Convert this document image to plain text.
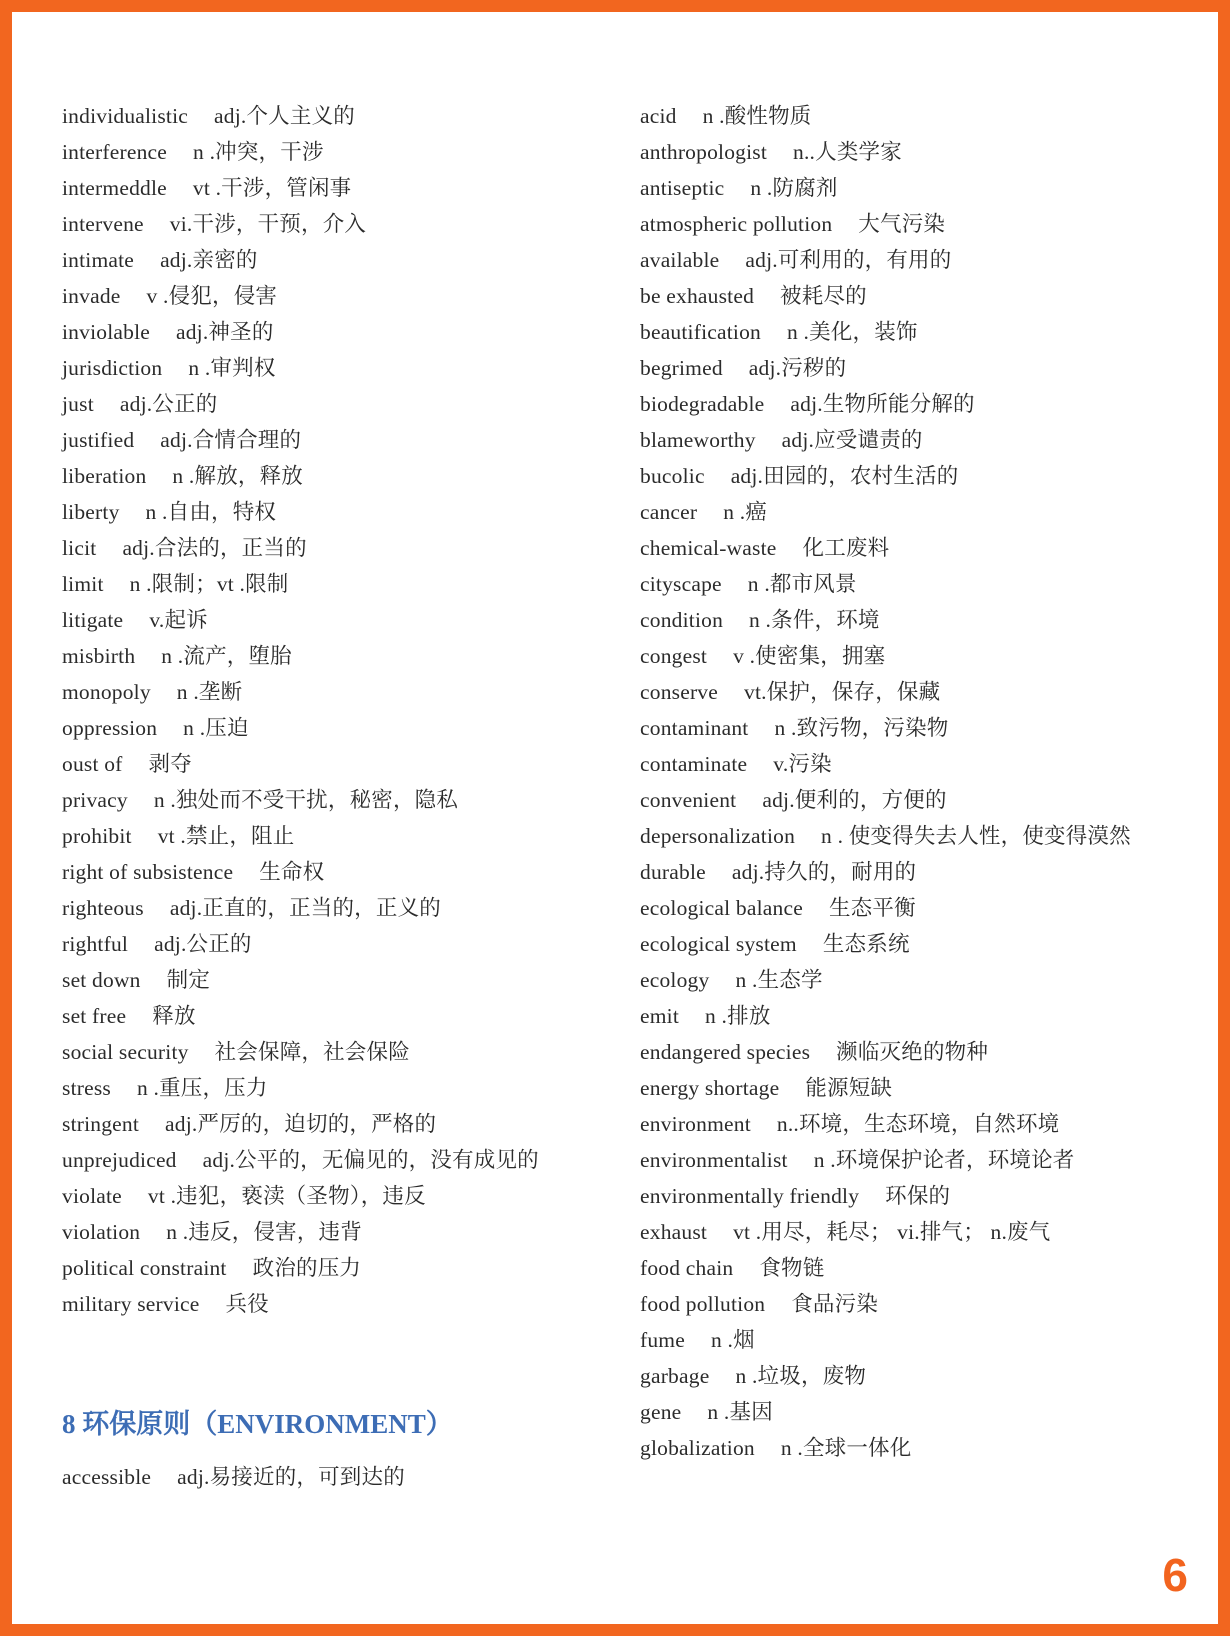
individualistic adj.个人主义的
interference n .冲突，干涉
intermeddle vt .干涉，管闲事
intervene vi.干涉，干预，介入
intimate adj.亲密的
invade v .侵犯，侵害
inviolable adj.神圣的
jurisdiction n .审判权
just adj.公正的
justified adj.合情合理的
liberation n .解放，释放
liberty n .自由，特权
licit adj.合法的，正当的
limit n .限制；vt .限制
litigate v.起诉
misbirth n .流产，堕胎
monopoly n .垄断
oppression n .压迫
oust of 剥夺
privacy n .独处而不受干扰，秘密，隐私
prohibit vt .禁止，阻止
right of subsistence 生命权
righteous adj.正直的，正当的，正义的
rightful adj.公正的
set down 制定
set free 释放
social security 社会保障，社会保险
stress n .重压，压力
stringent adj.严厉的，迫切的，严格的
unprejudiced adj.公平的，无偏见的，没有成见的
violate vt .违犯，亵渎（圣物），违反
violation n .违反，侵害，违背
political constraint 政治的压力
military service 兵役
8 环保原则（ENVIRONMENT）
accessible adj.易接近的，可到达的
acid n .酸性物质
anthropologist n..人类学家
antiseptic n .防腐剂
atmospheric pollution 大气污染
available adj.可利用的，有用的
be exhausted 被耗尽的
beautification n .美化，装饰
begrimed adj.污秽的
biodegradable adj.生物所能分解的
blameworthy adj.应受谴责的
bucolic adj.田园的，农村生活的
cancer n .癌
chemical-waste 化工废料
cityscape n .都市风景
condition n .条件，环境
congest v .使密集，拥塞
conserve vt.保护，保存，保藏
contaminant n .致污物，污染物
contaminate v.污染
convenient adj.便利的，方便的
depersonalization n . 使变得失去人性，使变得漠然
durable adj.持久的，耐用的
ecological balance 生态平衡
ecological system 生态系统
ecology n .生态学
emit n .排放
endangered species 濒临灭绝的物种
energy shortage 能源短缺
environment n..环境，生态环境，自然环境
environmentalist n .环境保护论者，环境论者
environmentally friendly 环保的
exhaust vt .用尽，耗尽； vi.排气； n.废气
food chain 食物链
food pollution 食品污染
fume n .烟
garbage n .垃圾，废物
gene n .基因
globalization n .全球一体化
6
